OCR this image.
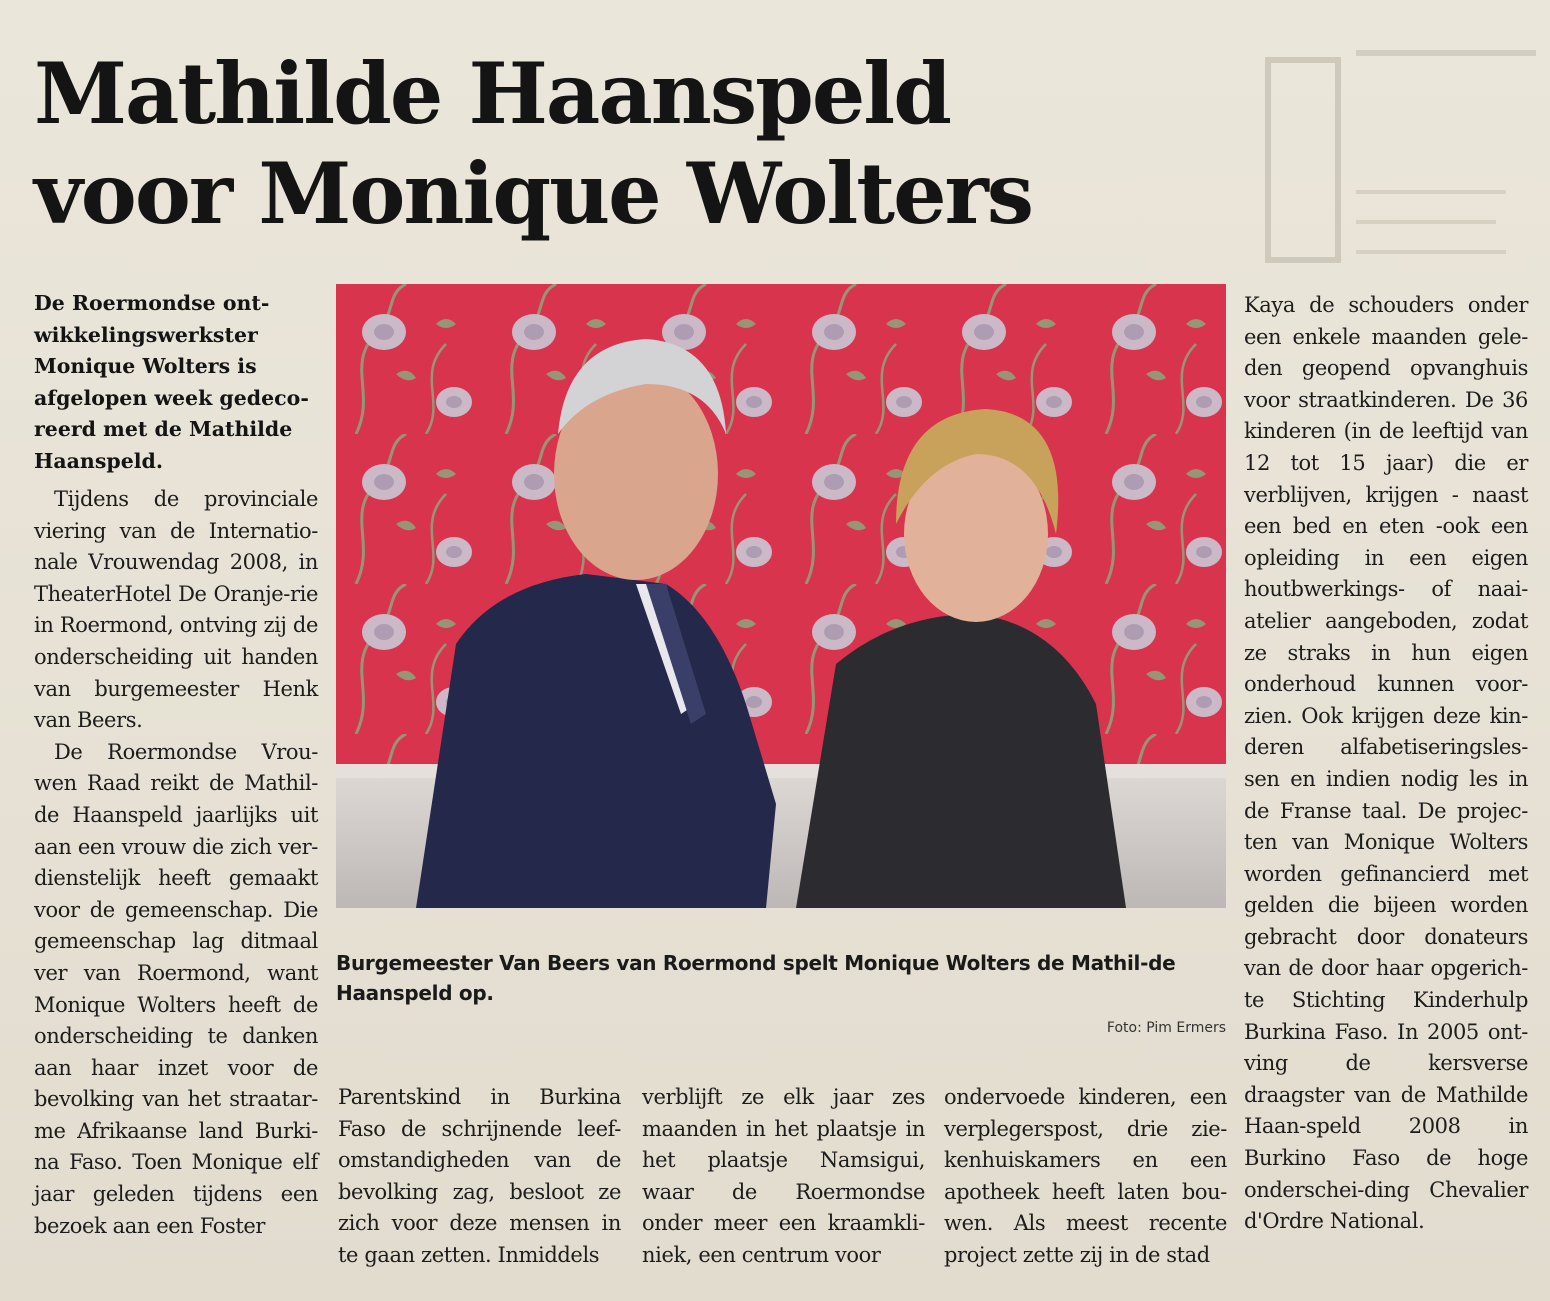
Mathilde Haanspeld
voor Monique Wolters
De Roermondse ont-wikkelingswerkster Monique Wolters is afgelopen week gedeco-reerd met de Mathilde Haanspeld.

Tijdens de provinciale viering van de Internatio-nale Vrouwendag 2008, in TheaterHotel De Oranje-rie in Roermond, ontving zij de onderscheiding uit handen van burgemeester Henk van Beers.

De Roermondse Vrou-wen Raad reikt de Mathil-de Haanspeld jaarlijks uit aan een vrouw die zich ver-dienstelijk heeft gemaakt voor de gemeenschap. Die gemeenschap lag ditmaal ver van Roermond, want Monique Wolters heeft de onderscheiding te danken aan haar inzet voor de bevolking van het straatar-me Afrikaanse land Burki-na Faso. Toen Monique elf jaar geleden tijdens een bezoek aan een Foster

Burgemeester Van Beers van Roermond spelt Monique Wolters de Mathil-de Haanspeld op.
Foto: Pim Ermers
Parentskind in Burkina Faso de schrijnende leef-omstandigheden van de bevolking zag, besloot ze zich voor deze mensen in te gaan zetten. Inmiddels
verblijft ze elk jaar zes maanden in het plaatsje in het plaatsje Namsigui, waar de Roermondse onder meer een kraamkli-niek, een centrum voor
ondervoede kinderen, een verplegerspost, drie zie-kenhuiskamers en een apotheek heeft laten bou-wen. Als meest recente project zette zij in de stad
Kaya de schouders onder een enkele maanden gele-den geopend opvanghuis voor straatkinderen. De 36 kinderen (in de leeftijd van 12 tot 15 jaar) die er verblijven, krijgen - naast een bed en eten -ook een opleiding in een eigen houtbwerkings- of naai-atelier aangeboden, zodat ze straks in hun eigen onderhoud kunnen voor-zien. Ook krijgen deze kin-deren alfabetiseringsles-sen en indien nodig les in de Franse taal. De projec-ten van Monique Wolters worden gefinancierd met gelden die bijeen worden gebracht door donateurs van de door haar opgerich-te Stichting Kinderhulp Burkina Faso. In 2005 ont-ving de kersverse draagster van de Mathilde Haan-speld 2008 in Burkino Faso de hoge onderschei-ding Chevalier d'Ordre National.
